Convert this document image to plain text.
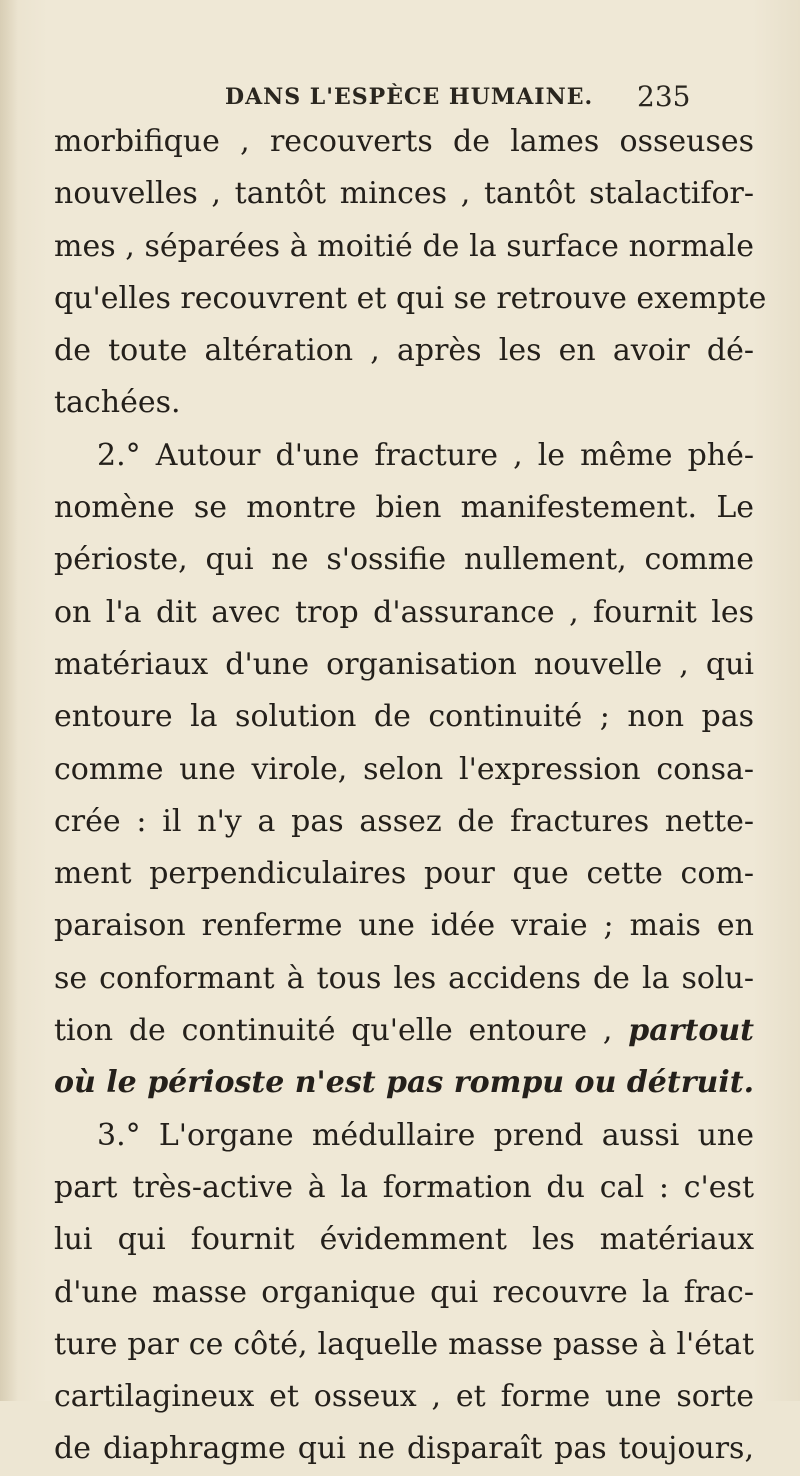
DANS L'ESPÈCE HUMAINE. 235
morbifique , recouverts de lames osseuses
nouvelles , tantôt minces , tantôt stalactifor-
mes , séparées à moitié de la surface normale
qu'elles recouvrent et qui se retrouve exempte
de toute altération , après les en avoir dé-
tachées.
2.° Autour d'une fracture , le même phé-
nomène se montre bien manifestement. Le
périoste, qui ne s'ossifie nullement, comme
on l'a dit avec trop d'assurance , fournit les
matériaux d'une organisation nouvelle , qui
entoure la solution de continuité ; non pas
comme une virole, selon l'expression consa-
crée : il n'y a pas assez de fractures nette-
ment perpendiculaires pour que cette com-
paraison renferme une idée vraie ; mais en
se conformant à tous les accidens de la solu-
tion de continuité qu'elle entoure , partout
où le périoste n'est pas rompu ou détruit.
3.° L'organe médullaire prend aussi une
part très-active à la formation du cal : c'est
lui qui fournit évidemment les matériaux
d'une masse organique qui recouvre la frac-
ture par ce côté, laquelle masse passe à l'état
cartilagineux et osseux , et forme une sorte
de diaphragme qui ne disparaît pas toujours,
